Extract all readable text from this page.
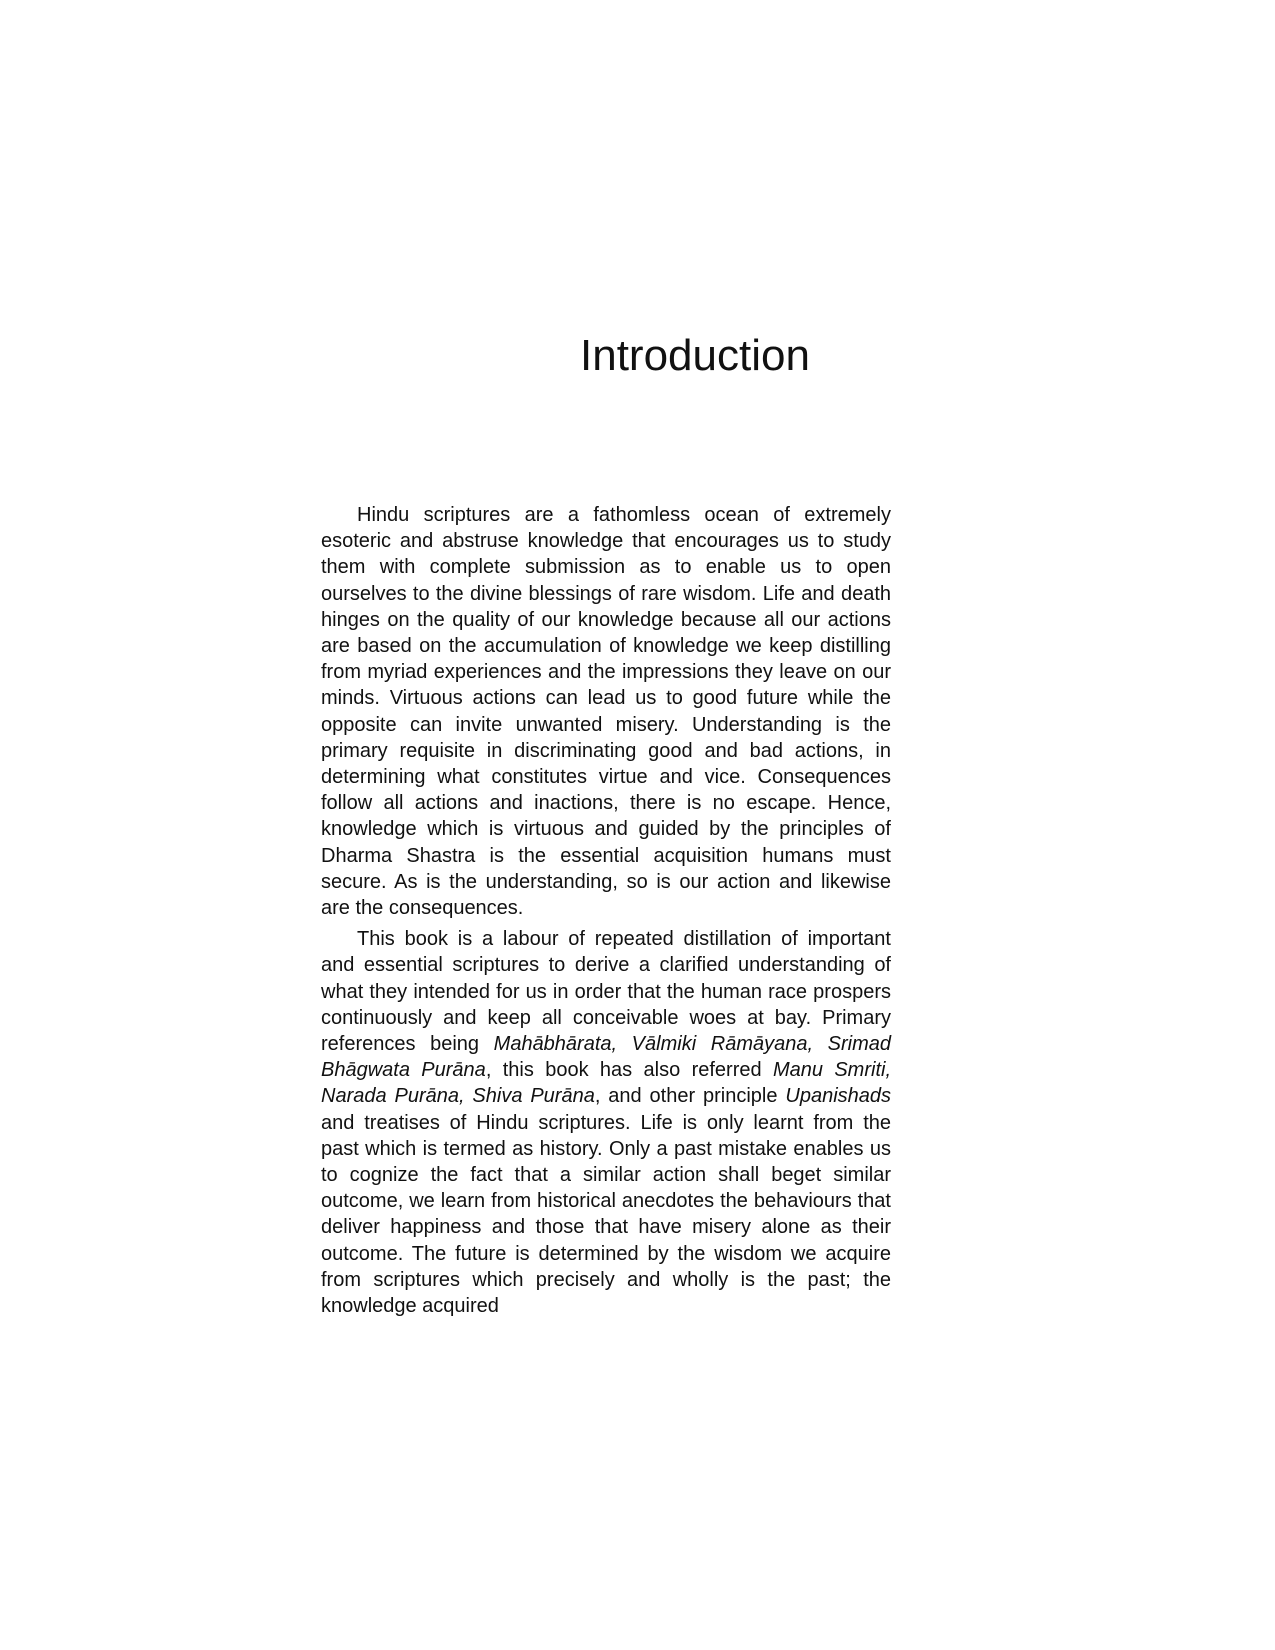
Introduction

Hindu scriptures are a fathomless ocean of extremely esoteric and abstruse knowledge that encourages us to study them with complete submission as to enable us to open ourselves to the divine blessings of rare wisdom. Life and death hinges on the quality of our knowledge because all our actions are based on the accumulation of knowledge we keep distilling from myriad experiences and the impressions they leave on our minds. Virtuous actions can lead us to good future while the opposite can invite unwanted misery. Understanding is the primary requisite in discriminating good and bad actions, in determining what constitutes virtue and vice. Consequences follow all actions and inactions, there is no escape. Hence, knowledge which is virtuous and guided by the principles of Dharma Shastra is the essential acquisition humans must secure. As is the understanding, so is our action and likewise are the consequences.

This book is a labour of repeated distillation of important and essential scriptures to derive a clarified understanding of what they intended for us in order that the human race prospers continuously and keep all conceivable woes at bay. Primary references being Mahābhārata, Vālmiki Rāmāyana, Srimad Bhāgwata Purāna, this book has also referred Manu Smriti, Narada Purāna, Shiva Purāna, and other principle Upanishads and treatises of Hindu scriptures. Life is only learnt from the past which is termed as history. Only a past mistake enables us to cognize the fact that a similar action shall beget similar outcome, we learn from historical anecdotes the behaviours that deliver happiness and those that have misery alone as their outcome. The future is determined by the wisdom we acquire from scriptures which precisely and wholly is the past; the knowledge acquired
